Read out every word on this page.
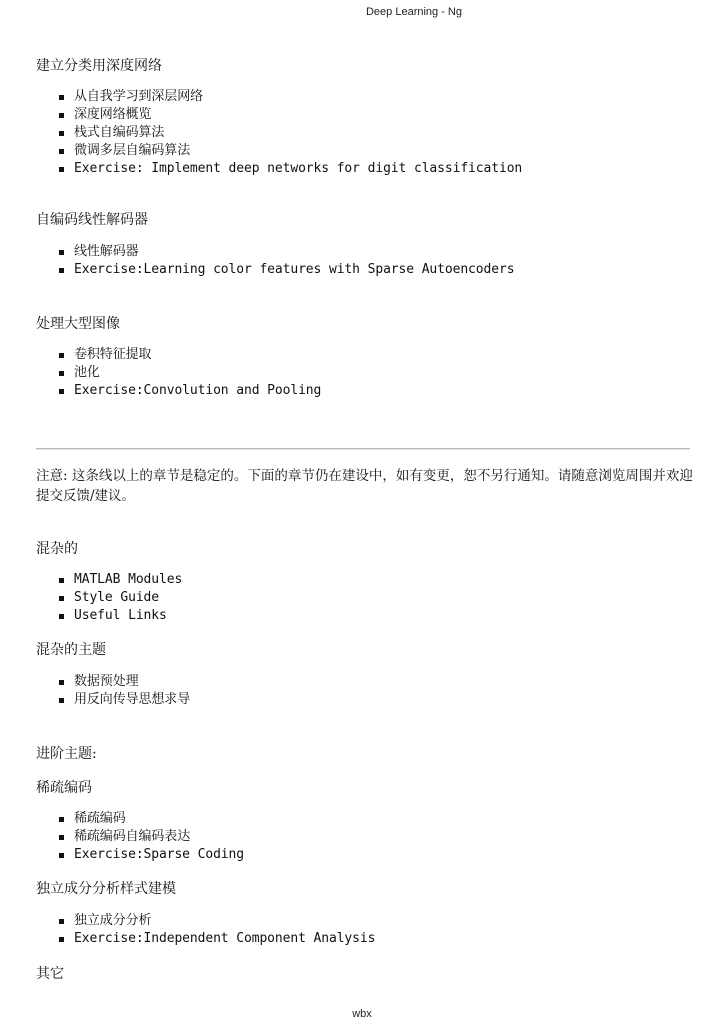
Deep Learning - Ng
建立分类用深度网络
从自我学习到深层网络
深度网络概览
栈式自编码算法
微调多层自编码算法
Exercise: Implement deep networks for digit classification
自编码线性解码器
线性解码器
Exercise:Learning color features with Sparse Autoencoders
处理大型图像
卷积特征提取
池化
Exercise:Convolution and Pooling
注意: 这条线以上的章节是稳定的。下面的章节仍在建设中，如有变更，恕不另行通知。请随意浏览周围并欢迎提交反馈/建议。
混杂的
MATLAB Modules
Style Guide
Useful Links
混杂的主题
数据预处理
用反向传导思想求导
进阶主题:
稀疏编码
稀疏编码
稀疏编码自编码表达
Exercise:Sparse Coding
独立成分分析样式建模
独立成分分析
Exercise:Independent Component Analysis
其它
wbx
